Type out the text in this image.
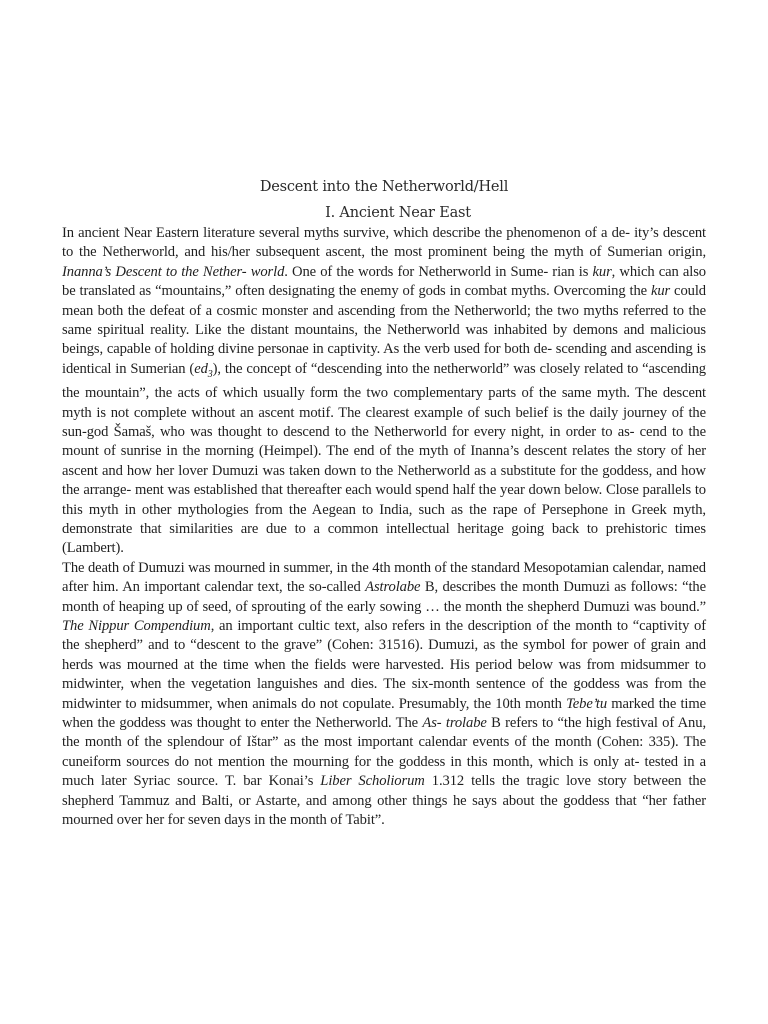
Descent into the Netherworld/Hell
I. Ancient Near East

In ancient Near Eastern literature several myths survive, which describe the phenomenon of a de- ity’s descent to the Netherworld, and his/her subsequent ascent, the most prominent being the myth of Sumerian origin, Inanna’s Descent to the Nether- world. One of the words for Netherworld in Sume- rian is kur, which can also be translated as “mountains,” often designating the enemy of gods in combat myths. Overcoming the kur could mean both the defeat of a cosmic monster and ascending from the Netherworld; the two myths referred to the same spiritual reality. Like the distant mountains, the Netherworld was inhabited by demons and malicious beings, capable of holding divine personae in captivity. As the verb used for both de- scending and ascending is identical in Sumerian $(ed_3)$, the concept of “descending into the netherworld” was closely related to “ascending the mountain”, the acts of which usually form the two complementary parts of the same myth. The descent myth is not complete without an ascent motif. The clearest example of such belief is the daily journey of the sun-god Šamaš, who was thought to descend to the Netherworld for every night, in order to as- cend to the mount of sunrise in the morning (Heimpel). The end of the myth of Inanna’s descent relates the story of her ascent and how her lover Dumuzi was taken down to the Netherworld as a substitute for the goddess, and how the arrange- ment was established that thereafter each would spend half the year down below. Close parallels to this myth in other mythologies from the Aegean to India, such as the rape of Persephone in Greek myth, demonstrate that similarities are due to a common intellectual heritage going back to prehistoric times (Lambert).

The death of Dumuzi was mourned in summer, in the 4th month of the standard Mesopotamian calendar, named after him. An important calendar text, the so-called Astrolabe B, describes the month Dumuzi as follows: “the month of heaping up of seed, of sprouting of the early sowing … the month the shepherd Dumuzi was bound.” The Nippur Compendium, an important cultic text, also refers in the description of the month to “captivity of the shepherd” and to “descent to the grave” (Cohen: 31516). Dumuzi, as the symbol for power of grain and herds was mourned at the time when the fields were harvested. His period below was from midsummer to midwinter, when the vegetation languishes and dies. The six-month sentence of the goddess was from the midwinter to midsummer, when animals do not copulate. Presumably, the 10th month Tebe’tu marked the time when the goddess was thought to enter the Netherworld. The As- trolabe B refers to “the high festival of Anu, the month of the splendour of Ištar” as the most important calendar events of the month (Cohen: 335). The cuneiform sources do not mention the mourning for the goddess in this month, which is only at- tested in a much later Syriac source. T. bar Konai’s Liber Scholiorum 1.312 tells the tragic love story between the shepherd Tammuz and Balti, or Astarte, and among other things he says about the goddess that “her father mourned over her for seven days in the month of Tabit”.
